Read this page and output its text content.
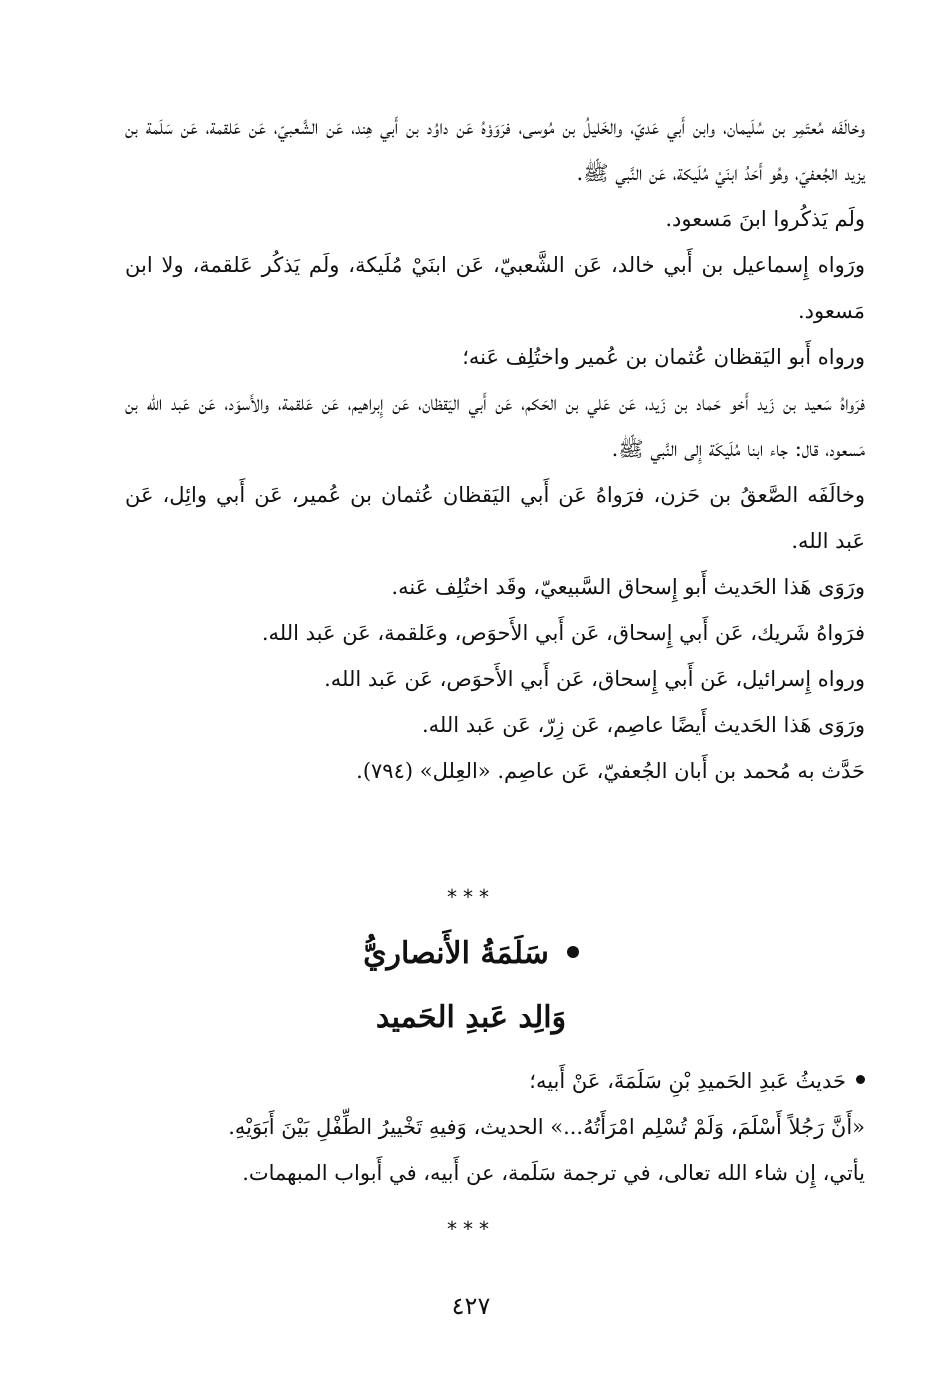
وخالَفَه مُعتَمِر بن سُلَيمان، وابن أَبي عَديّ، والخَليلُ بن مُوسى، فرَوَوْهُ عَن داوُد بن أَبي هِند، عَن الشَّعبيّ، عَن عَلقمة، عَن سَلَمة بن يزيد الجُعفيّ، وهُو أَحَدُ ابنَيْ مُلَيكة، عَن النَّبي ﷺ.

ولَم يَذكُروا ابنَ مَسعود.

ورَواه إِسماعيل بن أَبي خالد، عَن الشَّعبيّ، عَن ابنَيْ مُلَيكة، ولَم يَذكُر عَلقمة، ولا ابن مَسعود.

ورواه أَبو اليَقظان عُثمان بن عُمير واختُلِف عَنه؛

فرَواهُ سَعيد بن زَيد أَخو حَماد بن زَيد، عَن عَلي بن الحَكم، عَن أَبي اليَقظان، عَن إِبراهيم، عَن عَلقمة، والأَسوَد، عَن عَبد الله بن مَسعود، قال: جاء ابنا مُلَيكَة إِلى النَّبي ﷺ.

وخالَفَه الصَّعقُ بن حَزن، فرَواهُ عَن أَبي اليَقظان عُثمان بن عُمير، عَن أَبي وائِل، عَن عَبد الله.

ورَوَى هَذا الحَديث أَبو إِسحاق السَّبيعيّ، وقَد اختُلِف عَنه.

فرَواهُ شَريك، عَن أَبي إِسحاق، عَن أَبي الأَحوَص، وعَلقمة، عَن عَبد الله.

ورواه إِسرائيل، عَن أَبي إِسحاق، عَن أَبي الأَحوَص، عَن عَبد الله.

ورَوَى هَذا الحَديث أَيضًا عاصِم، عَن زِرّ، عَن عَبد الله.

حَدَّث به مُحمد بن أَبان الجُعفيّ، عَن عاصِم. «العِلل» (٧٩٤).

***
سَلَمَةُ الأَنصاريُّ
وَالِد عَبدِ الحَميد

حَديثُ عَبدِ الحَميدِ بْنِ سَلَمَةَ، عَنْ أَبيه؛

«أَنَّ رَجُلاً أَسْلَمَ، وَلَمْ تُسْلِم امْرَأَتُهُ...» الحديث، وَفيهِ تَخْييرُ الطِّفْلِ بَيْنَ أَبَوَيْهِ.

يأتي، إِن شاء الله تعالى، في ترجمة سَلَمة، عن أَبيه، في أَبواب المبهمات.

***
٤٢٧
